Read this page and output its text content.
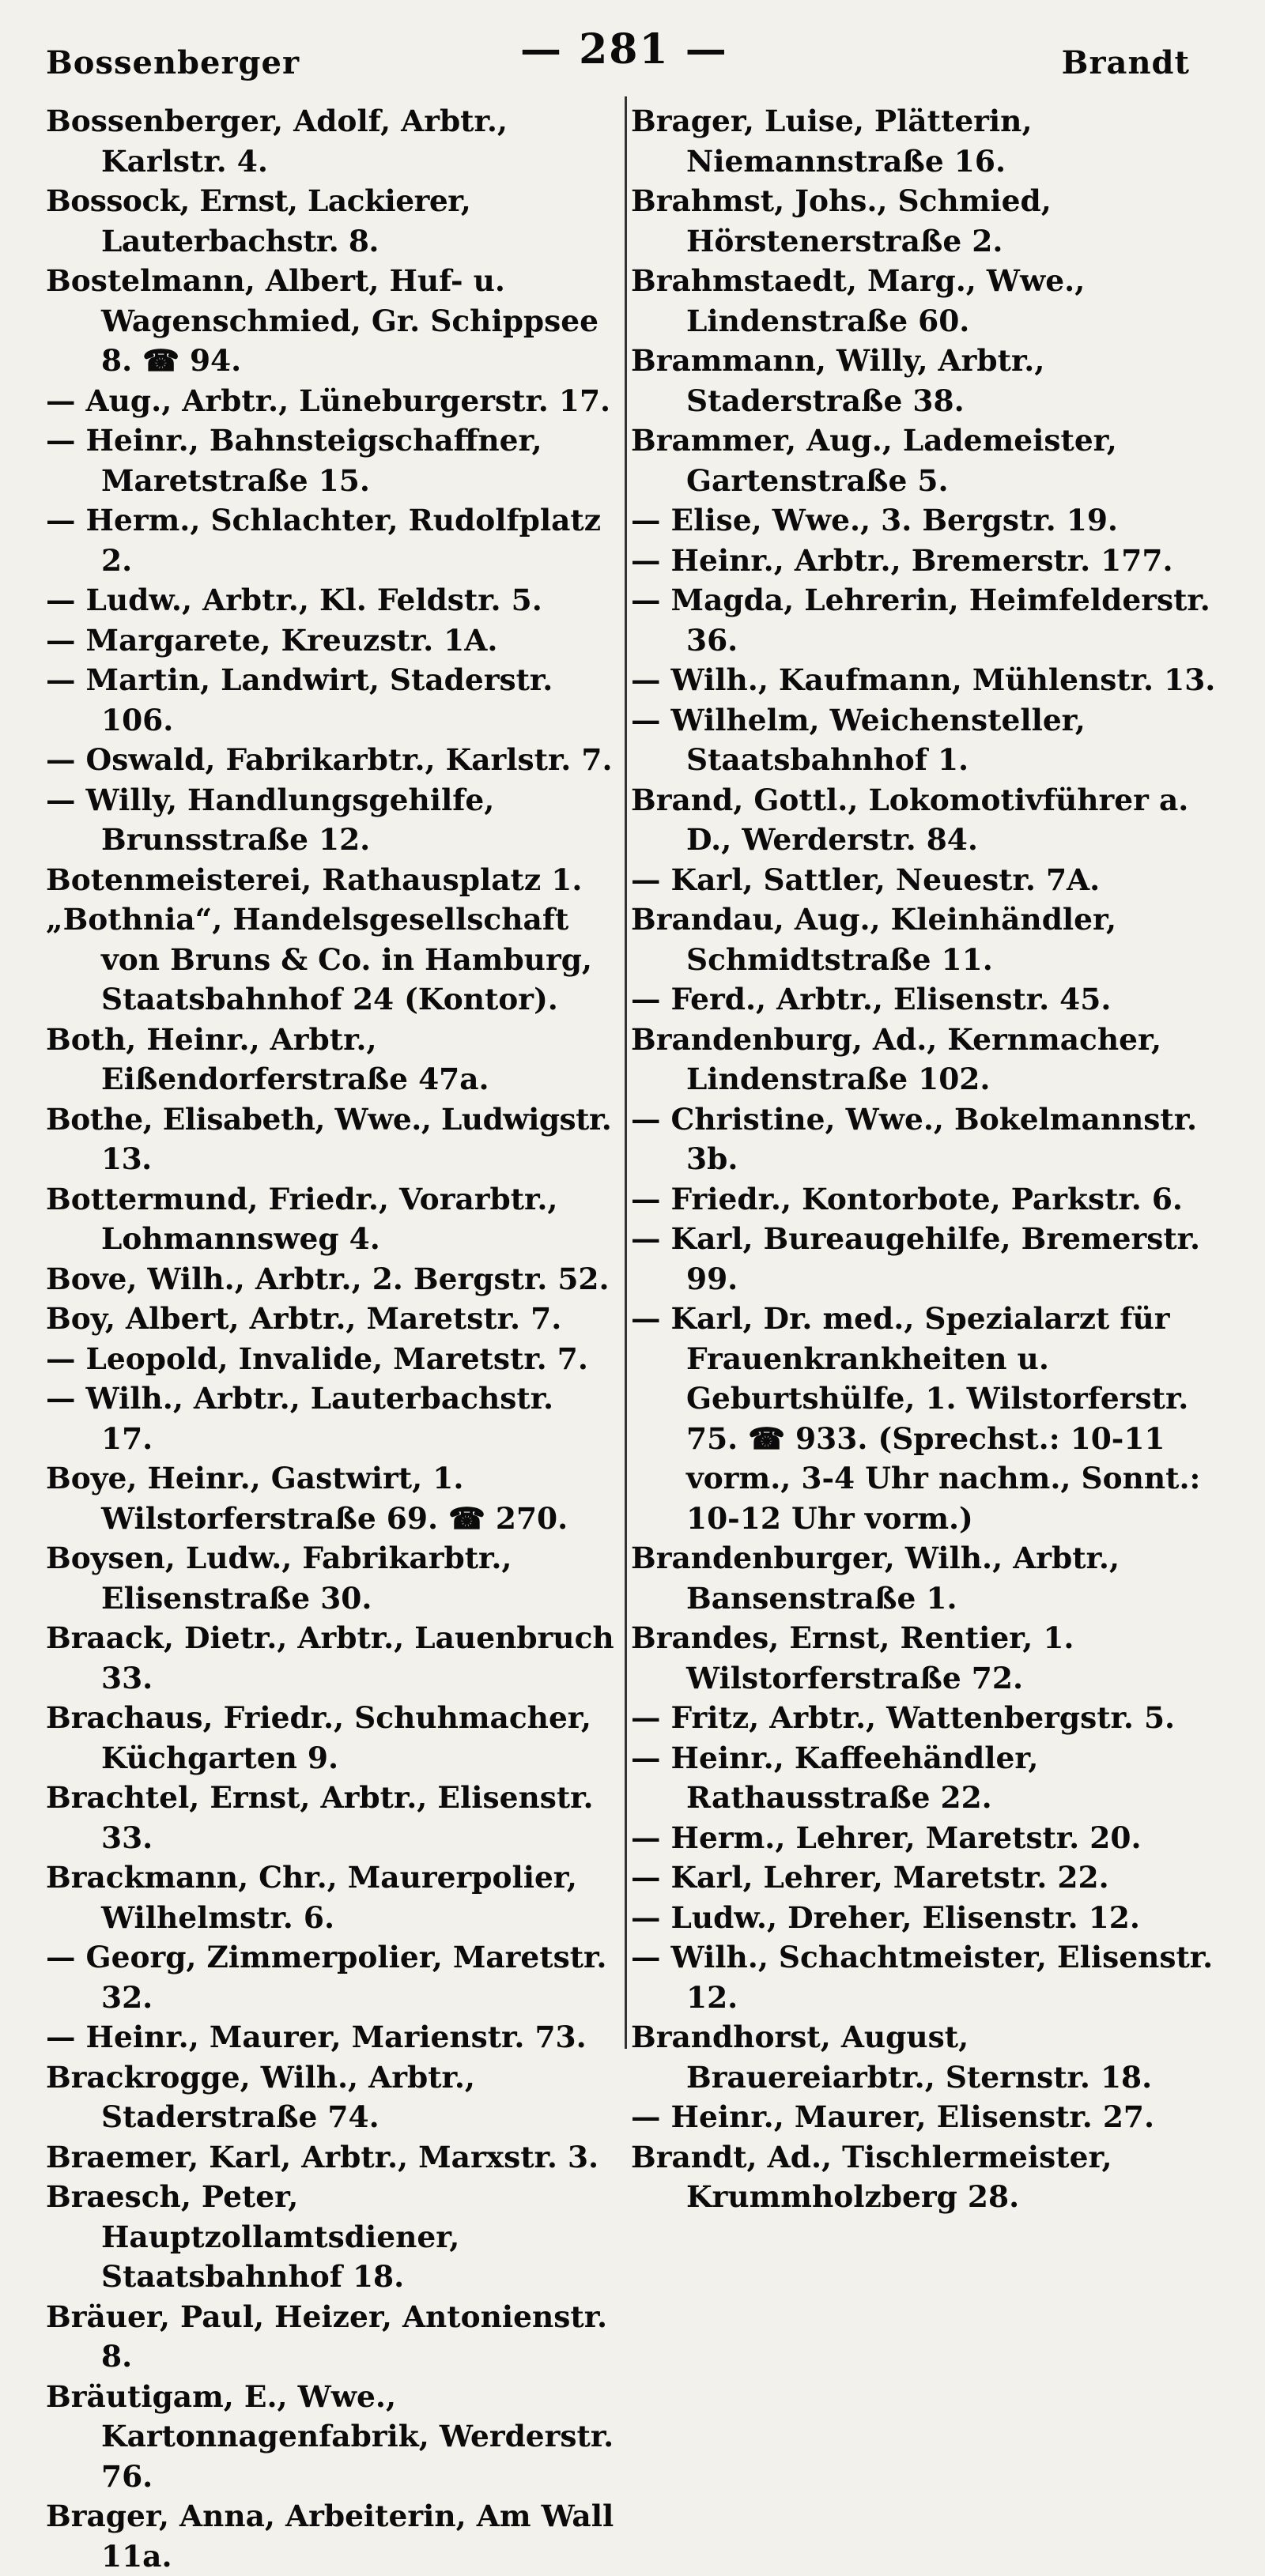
Bossenberger	— 281 —	Brandt

Bossenberger, Adolf, Arbtr., Karlstr. 4.

Bossock, Ernst, Lackierer, Lauterbachstr. 8.

Bostelmann, Albert, Huf- u. Wagenschmied, Gr. Schippsee 8. ☎ 94.

— Aug., Arbtr., Lüneburgerstr. 17.

— Heinr., Bahnsteigschaffner, Maretstraße 15.

— Herm., Schlachter, Rudolfplatz 2.

— Ludw., Arbtr., Kl. Feldstr. 5.

— Margarete, Kreuzstr. 1A.

— Martin, Landwirt, Staderstr. 106.

— Oswald, Fabrikarbtr., Karlstr. 7.

— Willy, Handlungsgehilfe, Brunsstraße 12.

Botenmeisterei, Rathausplatz 1.

„Bothnia“, Handelsgesellschaft von Bruns & Co. in Hamburg, Staatsbahnhof 24 (Kontor).

Both, Heinr., Arbtr., Eißendorferstraße 47a.

Bothe, Elisabeth, Wwe., Ludwigstr. 13.

Bottermund, Friedr., Vorarbtr., Lohmannsweg 4.

Bove, Wilh., Arbtr., 2. Bergstr. 52.

Boy, Albert, Arbtr., Maretstr. 7.

— Leopold, Invalide, Maretstr. 7.

— Wilh., Arbtr., Lauterbachstr. 17.

Boye, Heinr., Gastwirt, 1. Wilstorferstraße 69. ☎ 270.

Boysen, Ludw., Fabrikarbtr., Elisenstraße 30.

Braack, Dietr., Arbtr., Lauenbruch 33.

Brachaus, Friedr., Schuhmacher, Küchgarten 9.

Brachtel, Ernst, Arbtr., Elisenstr. 33.

Brackmann, Chr., Maurerpolier, Wilhelmstr. 6.

— Georg, Zimmerpolier, Maretstr. 32.

— Heinr., Maurer, Marienstr. 73.

Brackrogge, Wilh., Arbtr., Staderstraße 74.

Braemer, Karl, Arbtr., Marxstr. 3.

Braesch, Peter, Hauptzollamtsdiener, Staatsbahnhof 18.

Bräuer, Paul, Heizer, Antonienstr. 8.

Bräutigam, E., Wwe., Kartonnagenfabrik, Werderstr. 76.

Brager, Anna, Arbeiterin, Am Wall 11a.

Brager, Luise, Plätterin, Niemannstraße 16.

Brahmst, Johs., Schmied, Hörstenerstraße 2.

Brahmstaedt, Marg., Wwe., Lindenstraße 60.

Brammann, Willy, Arbtr., Staderstraße 38.

Brammer, Aug., Lademeister, Gartenstraße 5.

— Elise, Wwe., 3. Bergstr. 19.

— Heinr., Arbtr., Bremerstr. 177.

— Magda, Lehrerin, Heimfelderstr. 36.

— Wilh., Kaufmann, Mühlenstr. 13.

— Wilhelm, Weichensteller, Staatsbahnhof 1.

Brand, Gottl., Lokomotivführer a. D., Werderstr. 84.

— Karl, Sattler, Neuestr. 7A.

Brandau, Aug., Kleinhändler, Schmidtstraße 11.

— Ferd., Arbtr., Elisenstr. 45.

Brandenburg, Ad., Kernmacher, Lindenstraße 102.

— Christine, Wwe., Bokelmannstr. 3b.

— Friedr., Kontorbote, Parkstr. 6.

— Karl, Bureaugehilfe, Bremerstr. 99.

— Karl, Dr. med., Spezialarzt für Frauenkrankheiten u. Geburtshülfe, 1. Wilstorferstr. 75. ☎ 933. (Sprechst.: 10-11 vorm., 3-4 Uhr nachm., Sonnt.: 10-12 Uhr vorm.)

Brandenburger, Wilh., Arbtr., Bansenstraße 1.

Brandes, Ernst, Rentier, 1. Wilstorferstraße 72.

— Fritz, Arbtr., Wattenbergstr. 5.

— Heinr., Kaffeehändler, Rathausstraße 22.

— Herm., Lehrer, Maretstr. 20.

— Karl, Lehrer, Maretstr. 22.

— Ludw., Dreher, Elisenstr. 12.

— Wilh., Schachtmeister, Elisenstr. 12.

Brandhorst, August, Brauereiarbtr., Sternstr. 18.

— Heinr., Maurer, Elisenstr. 27.

Brandt, Ad., Tischlermeister, Krummholzberg 28.
